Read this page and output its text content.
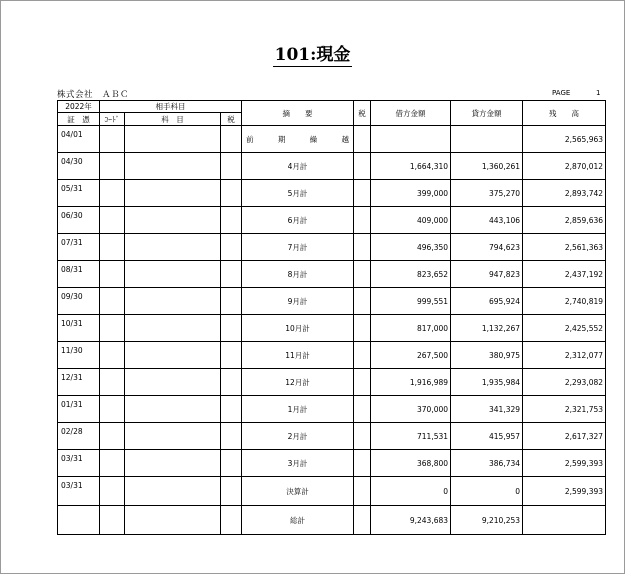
101:現金
株式会社　ＡＢＣ	PAGE	1
2022年	相手科目			摘　　要	税	借方金額	貸方金額	残　　高
証　憑	ｺｰﾄﾞ	科　目	税					
04/01				前 期 繰 越				2,565,963
04/30				4月計		1,664,310	1,360,261	2,870,012
05/31				5月計		399,000	375,270	2,893,742
06/30				6月計		409,000	443,106	2,859,636
07/31				7月計		496,350	794,623	2,561,363
08/31				8月計		823,652	947,823	2,437,192
09/30				9月計		999,551	695,924	2,740,819
10/31				10月計		817,000	1,132,267	2,425,552
11/30				11月計		267,500	380,975	2,312,077
12/31				12月計		1,916,989	1,935,984	2,293,082
01/31				1月計		370,000	341,329	2,321,753
02/28				2月計		711,531	415,957	2,617,327
03/31				3月計		368,800	386,734	2,599,393
03/31				決算計		0	0	2,599,393
				総計		9,243,683	9,210,253	
